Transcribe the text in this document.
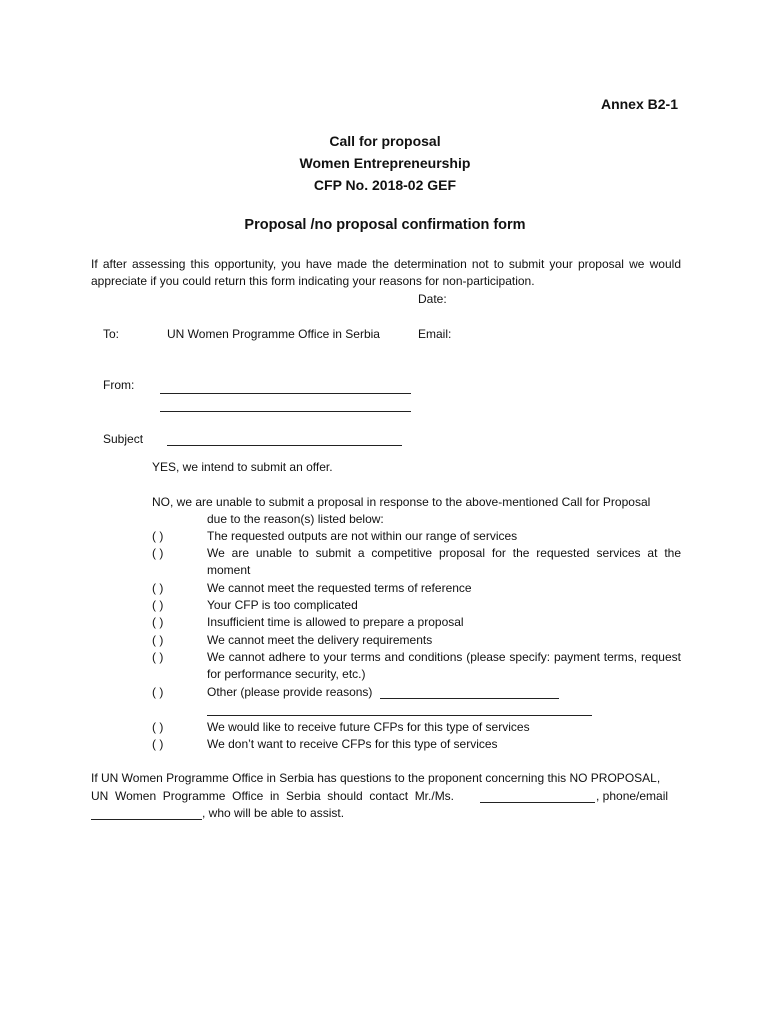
Annex B2-1
Call for proposal
Women Entrepreneurship
CFP No. 2018-02 GEF
Proposal /no proposal confirmation form
If after assessing this opportunity, you have made the determination not to submit your proposal we would appreciate if you could return this form indicating your reasons for non-participation.
Date:
To:	UN Women Programme Office in Serbia	Email:
From:
Subject
YES, we intend to submit an offer.
NO, we are unable to submit a proposal in response to the above-mentioned Call for Proposal
due to the reason(s) listed below:
( )	The requested outputs are not within our range of services
( )	We are unable to submit a competitive proposal for the requested services at the moment
( )	We cannot meet the requested terms of reference
( )	Your CFP is too complicated
( )	Insufficient time is allowed to prepare a proposal
( )	We cannot meet the delivery requirements
( )	We cannot adhere to your terms and conditions (please specify: payment terms, request for performance security, etc.)
( )	Other (please provide reasons)
( )	We would like to receive future CFPs for this type of services
( )	We don’t want to receive CFPs for this type of services
If UN Women Programme Office in Serbia has questions to the proponent concerning this NO PROPOSAL,
UN  Women  Programme  Office  in  Serbia  should  contact  Mr./Ms.	, phone/email
, who will be able to assist.
